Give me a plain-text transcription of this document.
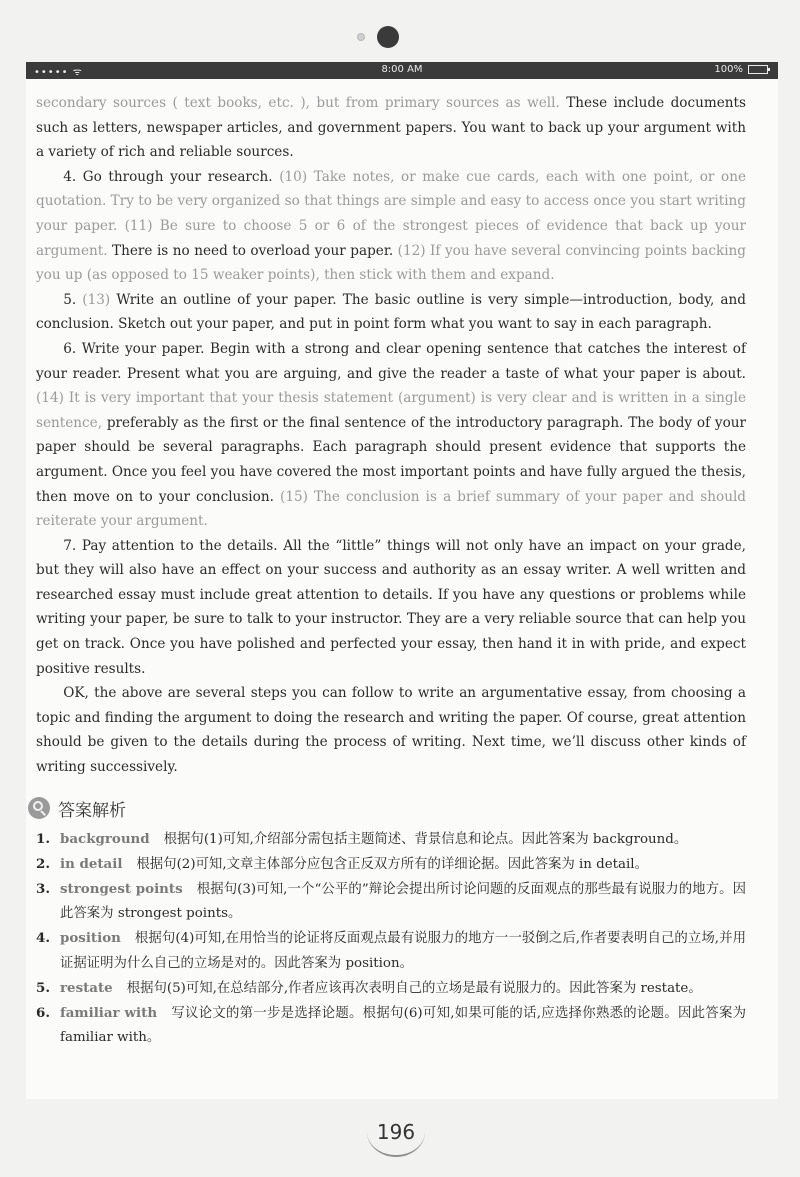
••••• ᯤ	8:00 AM	100%

secondary sources ( text books, etc. ), but from primary sources as well. These include documents such as letters, newspaper articles, and government papers. You want to back up your argument with a variety of rich and reliable sources.

4. Go through your research. (10) Take notes, or make cue cards, each with one point, or one quotation. Try to be very organized so that things are simple and easy to access once you start writing your paper. (11) Be sure to choose 5 or 6 of the strongest pieces of evidence that back up your argument. There is no need to overload your paper. (12) If you have several convincing points backing you up (as opposed to 15 weaker points), then stick with them and expand.

5. (13) Write an outline of your paper. The basic outline is very simple—introduction, body, and conclusion. Sketch out your paper, and put in point form what you want to say in each paragraph.

6. Write your paper. Begin with a strong and clear opening sentence that catches the interest of your reader. Present what you are arguing, and give the reader a taste of what your paper is about. (14) It is very important that your thesis statement (argument) is very clear and is written in a single sentence, preferably as the first or the final sentence of the introductory paragraph. The body of your paper should be several paragraphs. Each paragraph should present evidence that supports the argument. Once you feel you have covered the most important points and have fully argued the thesis, then move on to your conclusion. (15) The conclusion is a brief summary of your paper and should reiterate your argument.

7. Pay attention to the details. All the “little” things will not only have an impact on your grade, but they will also have an effect on your success and authority as an essay writer. A well written and researched essay must include great attention to details. If you have any questions or problems while writing your paper, be sure to talk to your instructor. They are a very reliable source that can help you get on track. Once you have polished and perfected your essay, then hand it in with pride, and expect positive results.

OK, the above are several steps you can follow to write an argumentative essay, from choosing a topic and finding the argument to doing the research and writing the paper. Of course, great attention should be given to the details during the process of writing. Next time, we’ll discuss other kinds of writing successively.

答案解析
1. background 根据句(1)可知,介绍部分需包括主题简述、背景信息和论点。因此答案为 background。
2. in detail 根据句(2)可知,文章主体部分应包含正反双方所有的详细论据。因此答案为 in detail。
3. strongest points 根据句(3)可知,一个“公平的”辩论会提出所讨论问题的反面观点的那些最有说服力的地方。因此答案为 strongest points。
4. position 根据句(4)可知,在用恰当的论证将反面观点最有说服力的地方一一驳倒之后,作者要表明自己的立场,并用证据证明为什么自己的立场是对的。因此答案为 position。
5. restate 根据句(5)可知,在总结部分,作者应该再次表明自己的立场是最有说服力的。因此答案为 restate。
6. familiar with 写议论文的第一步是选择论题。根据句(6)可知,如果可能的话,应选择你熟悉的论题。因此答案为 familiar with。
196
